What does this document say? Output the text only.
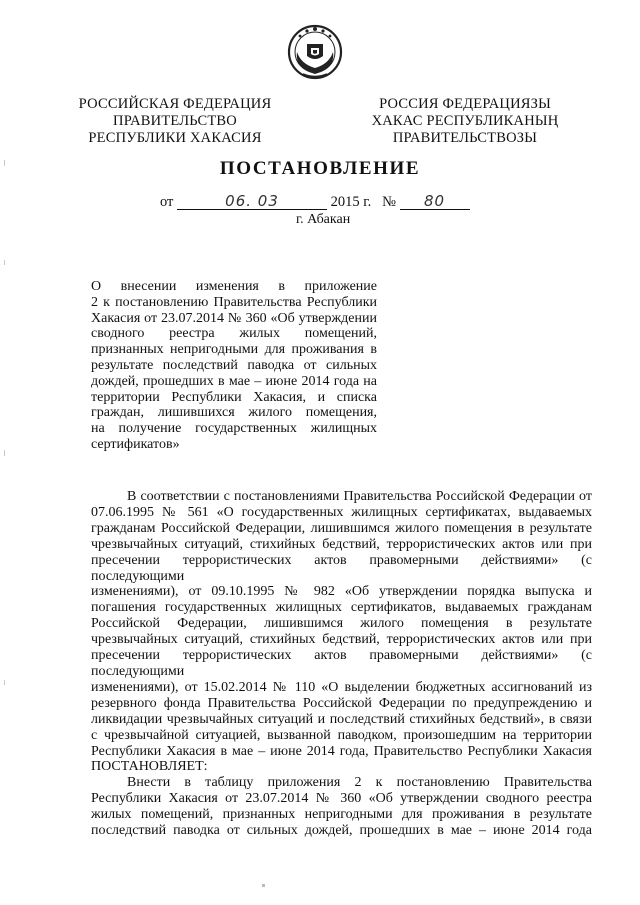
РОССИЙСКАЯ ФЕДЕРАЦИЯ
ПРАВИТЕЛЬСТВО
РЕСПУБЛИКИ ХАКАСИЯ
РОССИЯ ФЕДЕРАЦИЯЗЫ
ХАКАС РЕСПУБЛИКАНЫҢ
ПРАВИТЕЛЬСТВОЗЫ
ПОСТАНОВЛЕНИЕ
от	06. 03	2015 г. № 80
г. Абакан
О внесении изменения в приложение
2 к постановлению Правительства Республики
Хакасия от 23.07.2014 № 360 «Об утверждении
сводного реестра жилых помещений,
признанных непригодными для проживания в
результате последствий паводка от сильных
дождей, прошедших в мае – июне 2014 года на
территории Республики Хакасия, и списка
граждан, лишившихся жилого помещения,
на получение государственных жилищных
сертификатов»
В соответствии с постановлениями Правительства Российской Федерации от
07.06.1995 № 561 «О государственных жилищных сертификатах, выдаваемых
гражданам Российской Федерации, лишившимся жилого помещения в результате
чрезвычайных ситуаций, стихийных бедствий, террористических актов или при
пресечении террористических актов правомерными действиями» (с последующими
изменениями), от 09.10.1995 № 982 «Об утверждении порядка выпуска и
погашения государственных жилищных сертификатов, выдаваемых гражданам
Российской Федерации, лишившимся жилого помещения в результате
чрезвычайных ситуаций, стихийных бедствий, террористических актов или при
пресечении террористических актов правомерными действиями» (с последующими
изменениями), от 15.02.2014 № 110 «О выделении бюджетных ассигнований из
резервного фонда Правительства Российской Федерации по предупреждению и
ликвидации чрезвычайных ситуаций и последствий стихийных бедствий», в связи
с чрезвычайной ситуацией, вызванной паводком, произошедшим на территории
Республики Хакасия в мае – июне 2014 года, Правительство Республики Хакасия
ПОСТАНОВЛЯЕТ:
Внести в таблицу приложения 2 к постановлению Правительства
Республики Хакасия от 23.07.2014 № 360 «Об утверждении сводного реестра
жилых помещений, признанных непригодными для проживания в результате
последствий паводка от сильных дождей, прошедших в мае – июне 2014 года
